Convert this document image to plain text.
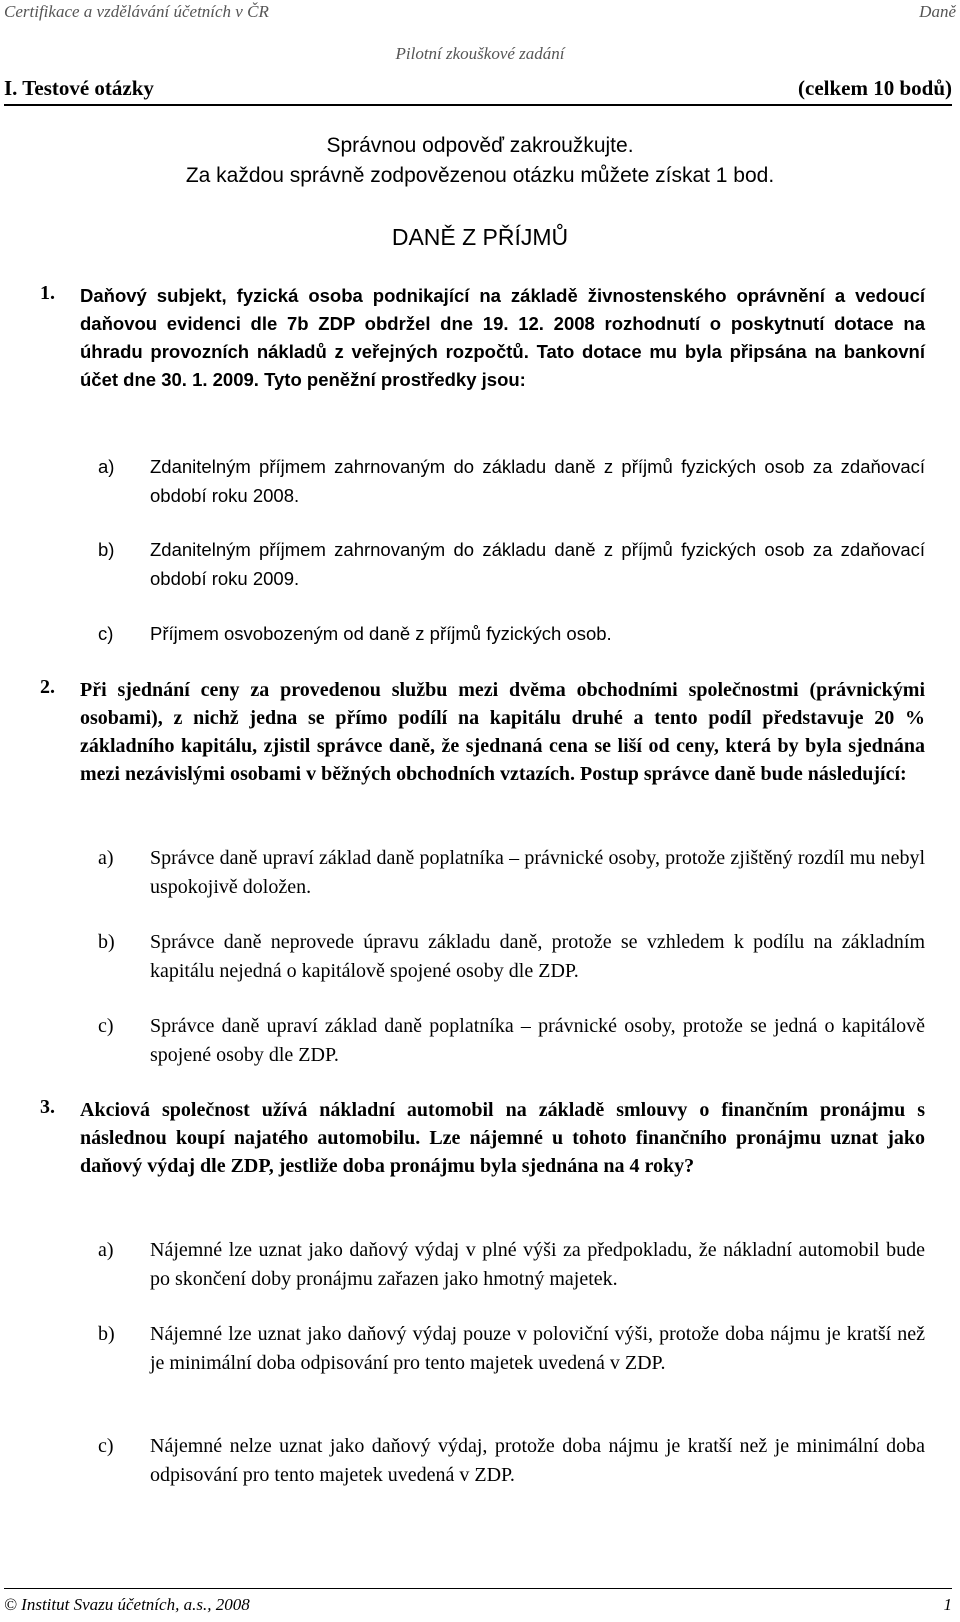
Certifikace a vzdělávání účetních v ČR	Daně
Pilotní zkouškové zadání
I. Testové otázky	(celkem 10 bodů)
Správnou odpověď zakroužkujte.
Za každou správně zodpovězenou otázku můžete získat 1 bod.
DANĚ Z PŘÍJMŮ
1. Daňový subjekt, fyzická osoba podnikající na základě živnostenského oprávnění a vedoucí daňovou evidenci dle 7b ZDP obdržel dne 19. 12. 2008 rozhodnutí o poskytnutí dotace na úhradu provozních nákladů z veřejných rozpočtů. Tato dotace mu byla připsána na bankovní účet dne 30. 1. 2009. Tyto peněžní prostředky jsou:
a)	Zdanitelným příjmem zahrnovaným do základu daně z příjmů fyzických osob za zdaňovací období roku 2008.
b)	Zdanitelným příjmem zahrnovaným do základu daně z příjmů fyzických osob za zdaňovací období roku 2009.
c)	Příjmem osvobozeným od daně z příjmů fyzických osob.
2. Při sjednání ceny za provedenou službu mezi dvěma obchodními společnostmi (právnickými osobami), z nichž jedna se přímo podílí na kapitálu druhé a tento podíl představuje 20 % základního kapitálu, zjistil správce daně, že sjednaná cena se liší od ceny, která by byla sjednána mezi nezávislými osobami v běžných obchodních vztazích. Postup správce daně bude následující:
a)	Správce daně upraví základ daně poplatníka – právnické osoby, protože zjištěný rozdíl mu nebyl uspokojivě doložen.
b)	Správce daně neprovede úpravu základu daně, protože se vzhledem k podílu na základním kapitálu nejedná o kapitálově spojené osoby dle ZDP.
c)	Správce daně upraví základ daně poplatníka – právnické osoby, protože se jedná o kapitálově spojené osoby dle ZDP.
3. Akciová společnost užívá nákladní automobil na základě smlouvy o finančním pronájmu s následnou koupí najatého automobilu. Lze nájemné u tohoto finančního pronájmu uznat jako daňový výdaj dle ZDP, jestliže doba pronájmu byla sjednána na 4 roky?
a)	Nájemné lze uznat jako daňový výdaj v plné výši za předpokladu, že nákladní automobil bude po skončení doby pronájmu zařazen jako hmotný majetek.
b)	Nájemné lze uznat jako daňový výdaj pouze v poloviční výši, protože doba nájmu je kratší než je minimální doba odpisování pro tento majetek uvedená v ZDP.
c)	Nájemné nelze uznat jako daňový výdaj, protože doba nájmu je kratší než je minimální doba odpisování pro tento majetek uvedená v ZDP.
© Institut Svazu účetních, a.s., 2008	1
